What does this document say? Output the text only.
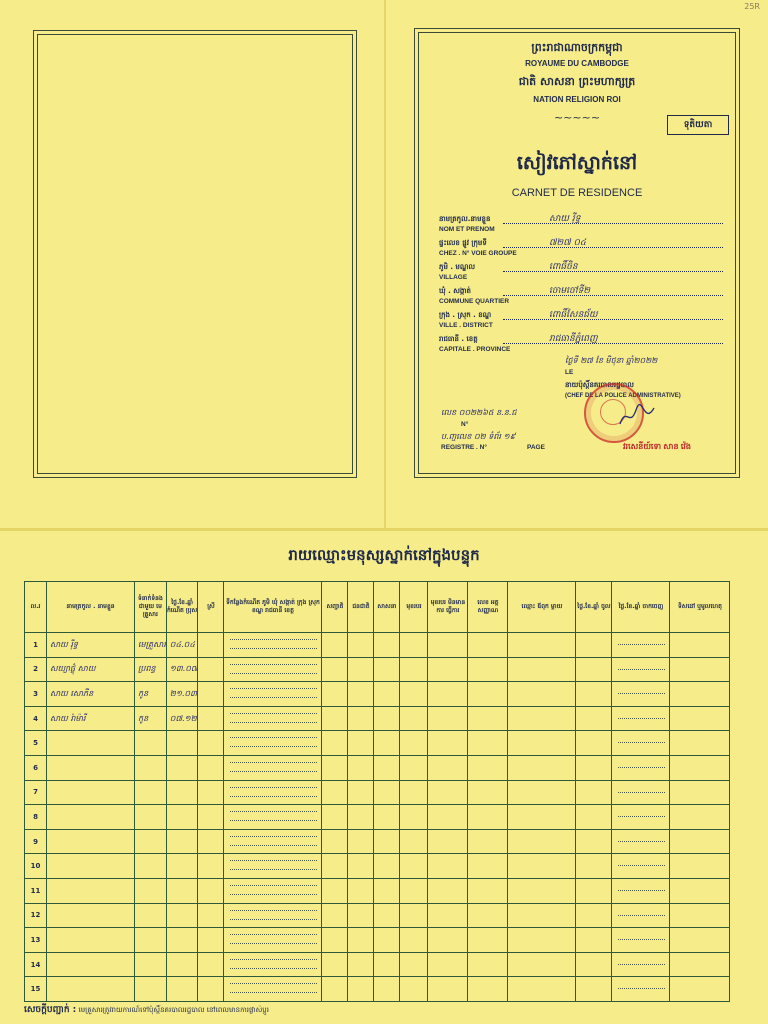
25R
ព្រះរាជាណាចក្រកម្ពុជា
ROYAUME DU CAMBODGE
ជាតិ សាសនា ព្រះមហាក្សត្រ
NATION RELIGION ROI
~~~~~
ទុតិយតា
សៀវភៅស្នាក់នៅ
CARNET DE RESIDENCE
នាមត្រកូល.នាមខ្លួន
NOM ET PRENOM
សាយ រ៉ីទ្ធ
ផ្ទះលេខ ផ្លូវ ក្រុមទី
CHEZ . N° VOIE GROUPE
៧២៧ ០៤
ភូមិ . មណ្ឌល
VILLAGE
ពោធិ៍ចិន
ឃុំ . សង្កាត់
COMMUNE QUARTIER
ចោមចៅទី២
ក្រុង . ស្រុក . ខណ្ឌ
VILLE . DISTRICT
ពោធិ៍សែនជ័យ
រាជធានី . ខេត្ត
CAPITALE . PROVINCE
រាជធានីភ្នំពេញ
ថ្ងៃទី ២៧ ខែ មិថុនា ឆ្នាំ២០២២
LE
នាយប៉ុស្តិ៍នគរបាលរដ្ឋបាល
(CHEF DE LA POLICE ADMINISTRATIVE)
លេខ ០០២២៦៥ ន.ន.ជ
N°
ប.ញ្ជលេខ ០២ ទំព័រ ១៩
REGISTRE . N°	PAGE	វរសេនីយ៍ទោ សាន វ៉េង
រាយឈ្មោះមនុស្សស្នាក់នៅក្នុងបន្ទុក
ល.រ	នាមត្រកូល . នាមខ្លួន	ទំនាក់ទំនង ជាមួយ មេគ្រួសារ	ថ្ងៃ.ខែ.ឆ្នាំ កំណើត ប្រុស	ស្រី	ទីកន្លែងកំណើត ភូមិ ឃុំ សង្កាត់ ក្រុង ស្រុក ខណ្ឌ រាជធានី ខេត្ត	សញ្ជាតិ	ជនជាតិ	សាសនា	មុខរបរ	មុខរបរ មិនមានការ ធ្វើការ	លេខ អត្តសញ្ញាណ	ឈ្មោះ ឪពុក ម្តាយ	ថ្ងៃ.ខែ.ឆ្នាំ ចូល	ថ្ងៃ.ខែ.ឆ្នាំ ចាកចេញ	ទិសដៅ ឬមូលហេតុ
1	សាយ រ៉ីទ្ធ	មេគ្រួសារ	០៤.០៤		

2	សយ្យាផ្លុំ សាយ	ប្រពន្ធ	១៣.០៧		

3	សាយ សោភីន	កូន	២១.០៣		

4	សាយ រ៉ាម៉ារី	កូន	០៧.១២		

5					

6					

7					

8					

9					

10					

11					

12					

13					

14					

15					

សេចក្តីបញ្ជាក់ : មេគ្រួសារត្រូវរាយការណ៍ទៅប៉ុស្តិ៍នគរបាលរដ្ឋបាល នៅពេលមានការផ្លាស់ប្តូរ
